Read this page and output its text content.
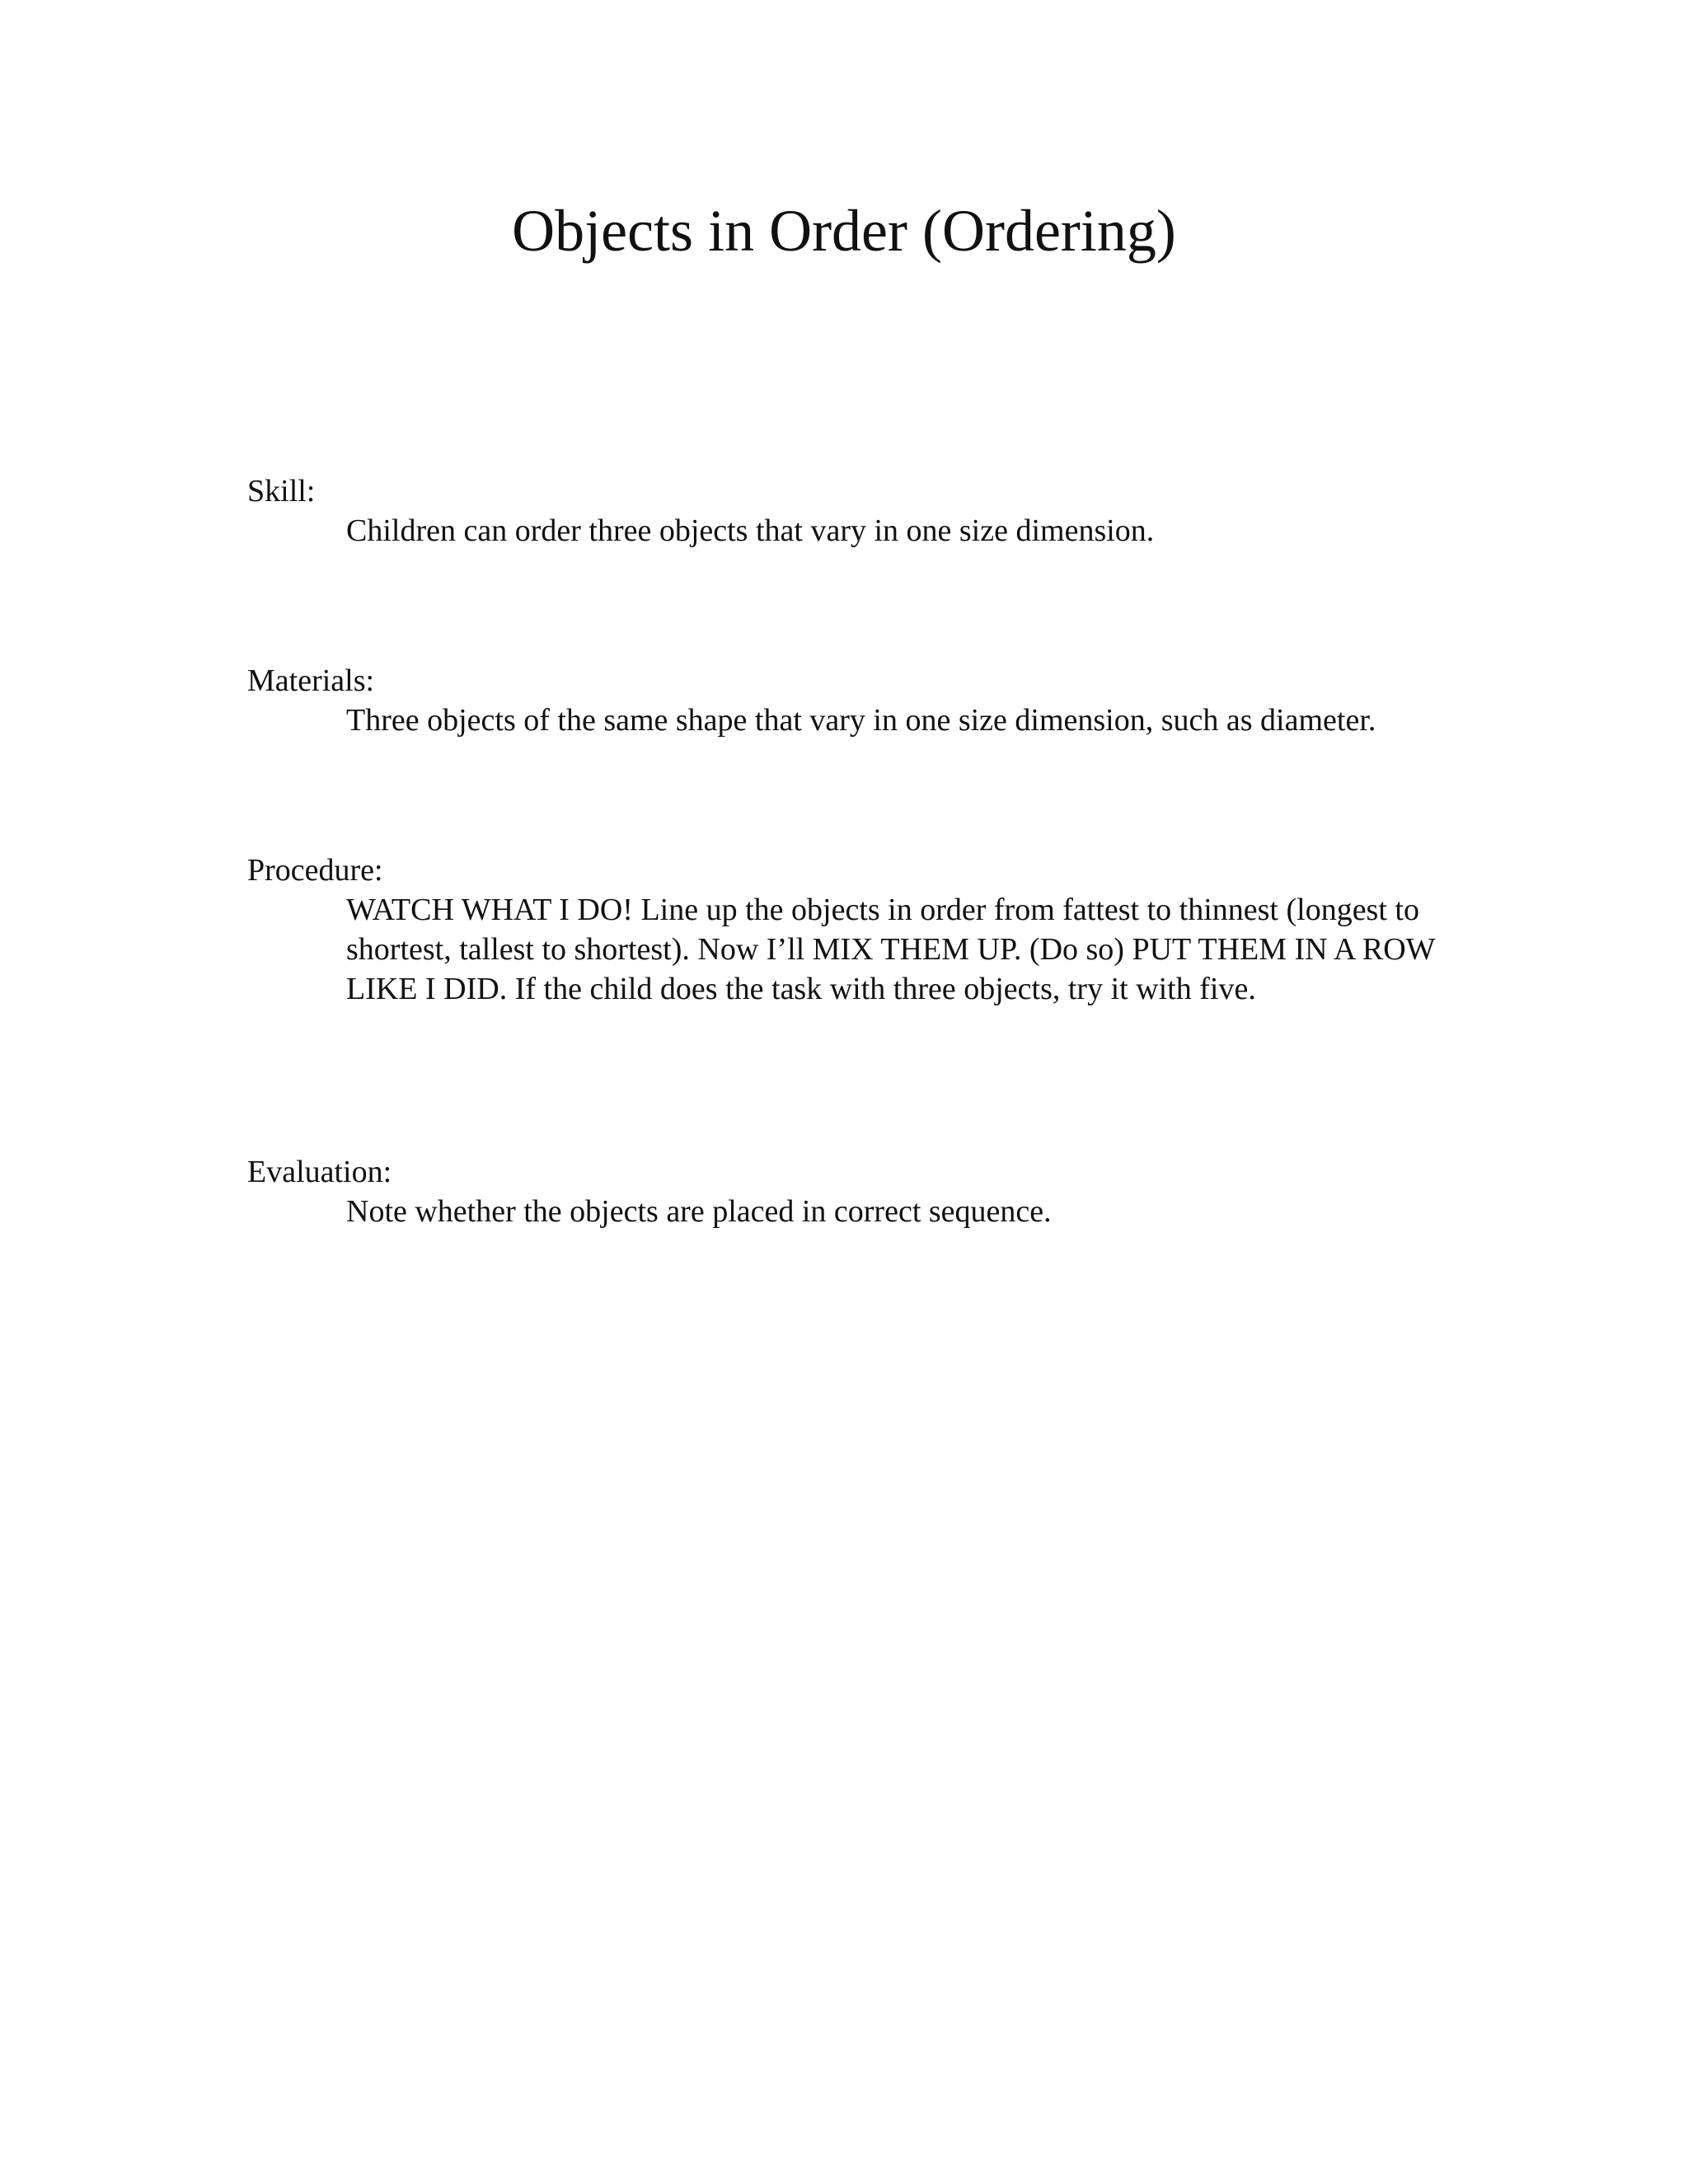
Objects in Order (Ordering)

Skill:

Children can order three objects that vary in one size dimension.

Materials:

Three objects of the same shape that vary in one size dimension, such as diameter.

Procedure:

WATCH WHAT I DO! Line up the objects in order from fattest to thinnest (longest to shortest, tallest to shortest). Now I’ll MIX THEM UP. (Do so) PUT THEM IN A ROW LIKE I DID. If the child does the task with three objects, try it with five.

Evaluation:

Note whether the objects are placed in correct sequence.
